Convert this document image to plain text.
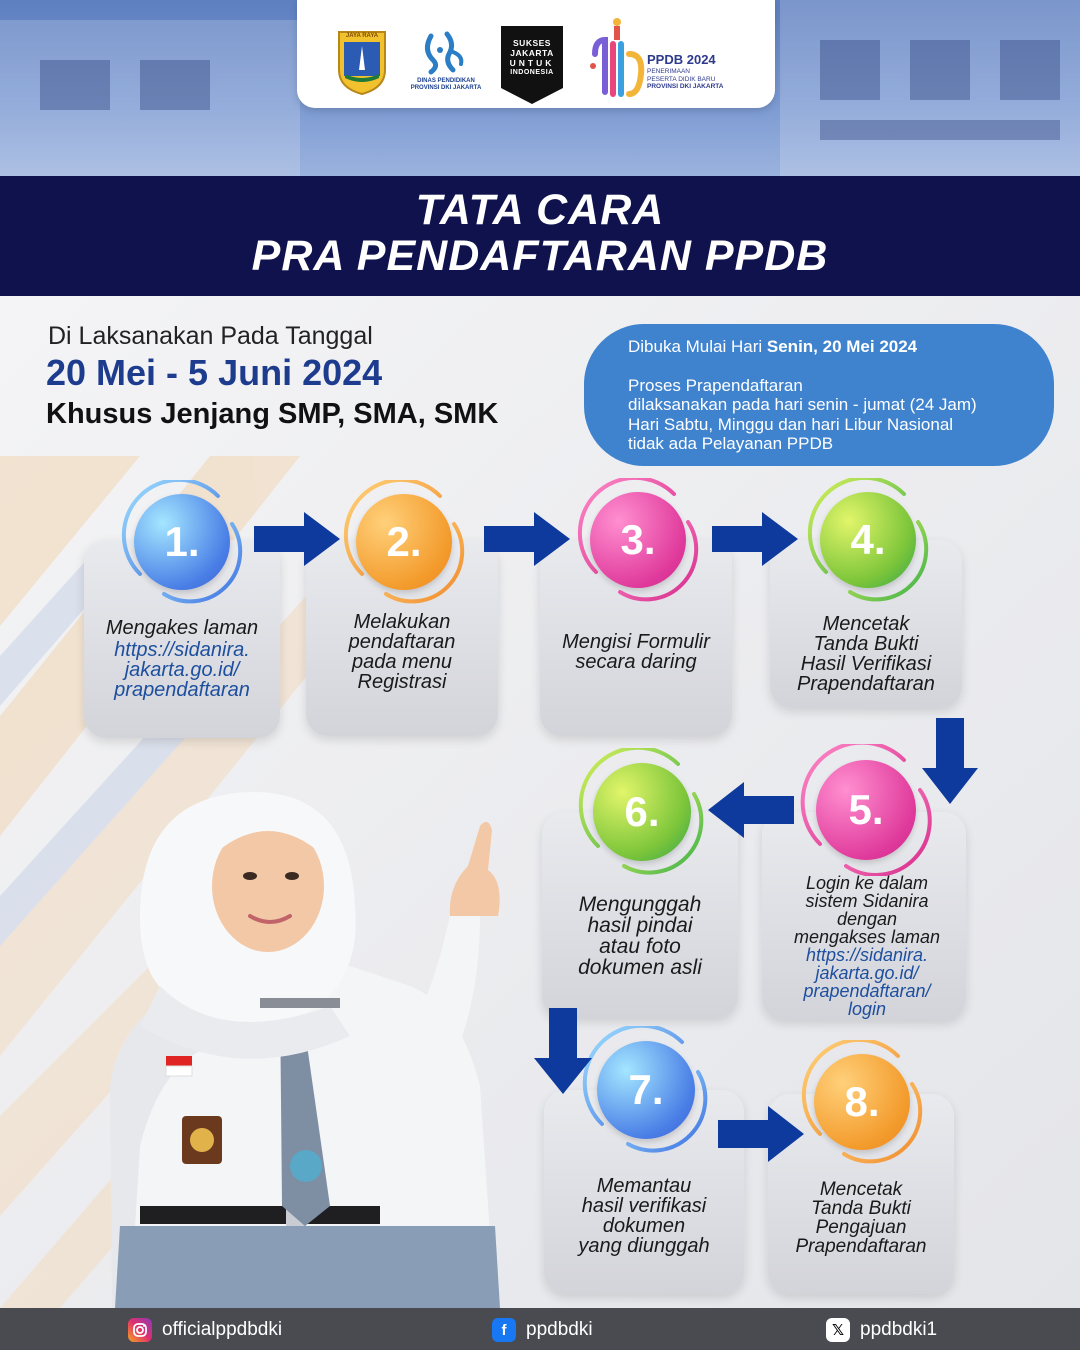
JAYA RAYA
DINAS PENDIDIKAN
PROVINSI DKI JAKARTA
SUKSES
JAKARTA
UNTUK
INDONESIA
PPDB 2024
PENERIMAAN
PESERTA DIDIK BARU
PROVINSI DKI JAKARTA
TATA CARA
PRA PENDAFTARAN PPDB
Di Laksanakan Pada Tanggal
20 Mei - 5 Juni 2024
Khusus Jenjang SMP, SMA, SMK
Dibuka Mulai Hari Senin, 20 Mei 2024
Proses Prapendaftaran
dilaksanakan pada hari senin - jumat (24 Jam)
Hari Sabtu, Minggu dan hari Libur Nasional
tidak ada Pelayanan PPDB
Mengakes laman
https://sidanira.
jakarta.go.id/
prapendaftaran
Melakukan
pendaftaran
pada menu
Registrasi
Mengisi Formulir
secara daring
Mencetak
Tanda Bukti
Hasil Verifikasi
Prapendaftaran
Mengunggah
hasil pindai
atau foto
dokumen asli
Login ke dalam
sistem Sidanira
dengan
mengakses laman
https://sidanira.
jakarta.go.id/
prapendaftaran/
login
Memantau
hasil verifikasi
dokumen
yang diunggah
Mencetak
Tanda Bukti
Pengajuan
Prapendaftaran
1.	2.	3.	4.
5.
6.
7.	8.
officialppdbdki	f	ppdbdki	𝕏 ppdbdki1
